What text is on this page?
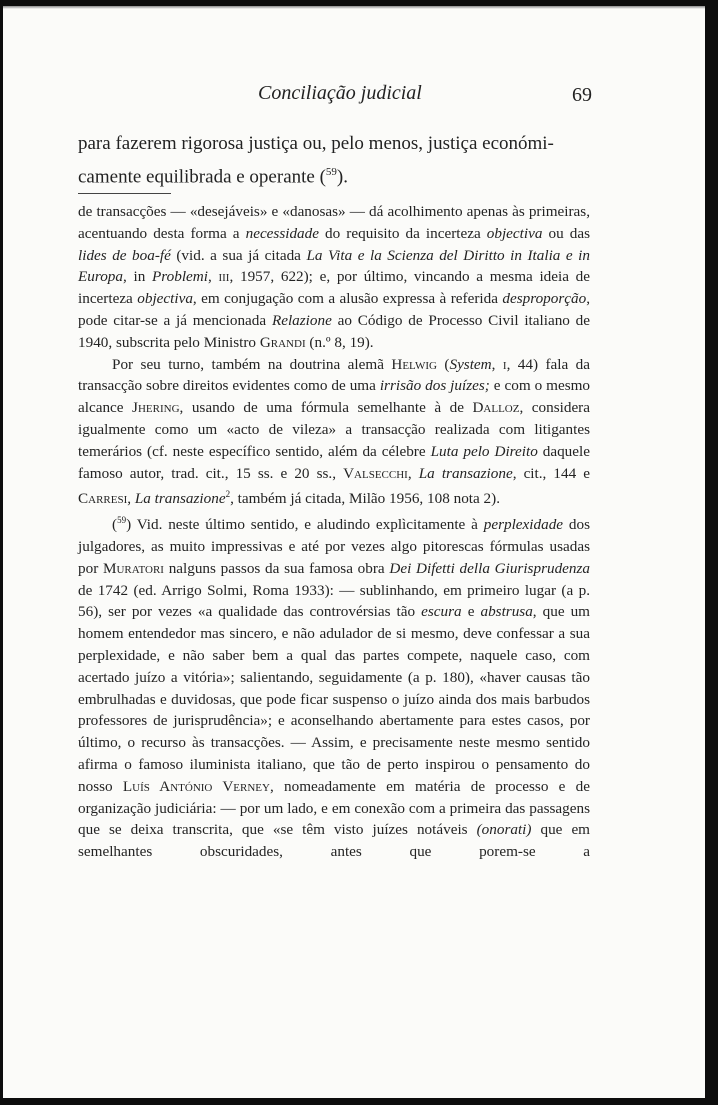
Conciliação judicial	69

para fazerem rigorosa justiça ou, pelo menos, justiça económi-
camente equilibrada e operante ($^{59}$).

de transacções — «desejáveis» e «danosas» — dá acolhimento apenas às primeiras, acentuando desta forma a necessidade do requisito da incerteza objectiva ou das lides de boa-fé (vid. a sua já citada La Vita e la Scienza del Diritto in Italia e in Europa, in Problemi, iii, 1957, 622); e, por último, vincando a mesma ideia de incerteza objectiva, em conjugação com a alusão expressa à referida desproporção, pode citar-se a já mencionada Relazione ao Código de Processo Civil italiano de 1940, subscrita pelo Ministro Grandi (n.º 8, 19).

Por seu turno, também na doutrina alemã Helwig (System, i, 44) fala da transacção sobre direitos evidentes como de uma irrisão dos juízes; e com o mesmo alcance Jhering, usando de uma fórmula semelhante à de Dalloz, considera igualmente como um «acto de vileza» a transacção realizada com litigantes temerários (cf. neste específico sentido, além da célebre Luta pelo Direito daquele famoso autor, trad. cit., 15 ss. e 20 ss., Valsecchi, La transazione, cit., 144 e Carresi, La transazione$^2$, também já citada, Milão 1956, 108 nota 2).

($^{59}$) Vid. neste último sentido, e aludindo explìcitamente à perplexidade dos julgadores, as muito impressivas e até por vezes algo pitorescas fórmulas usadas por Muratori nalguns passos da sua famosa obra Dei Difetti della Giurisprudenza de 1742 (ed. Arrigo Solmi, Roma 1933): — sublinhando, em primeiro lugar (a p. 56), ser por vezes «a qualidade das controvérsias tão escura e abstrusa, que um homem entendedor mas sincero, e não adulador de si mesmo, deve confessar a sua perplexidade, e não saber bem a qual das partes compete, naquele caso, com acertado juízo a vitória»; salientando, seguidamente (a p. 180), «haver causas tão embrulhadas e duvidosas, que pode ficar suspenso o juízo ainda dos mais barbudos professores de jurisprudência»; e aconselhando abertamente para estes casos, por último, o recurso às transacções. — Assim, e precisamente neste mesmo sentido afirma o famoso iluminista italiano, que tão de perto inspirou o pensamento do nosso Luís António Verney, nomeadamente em matéria de processo e de organização judiciária: — por um lado, e em conexão com a primeira das passagens que se deixa transcrita, que «se têm visto juízes notáveis (onorati) que em semelhantes obscuridades, antes que porem-se a
